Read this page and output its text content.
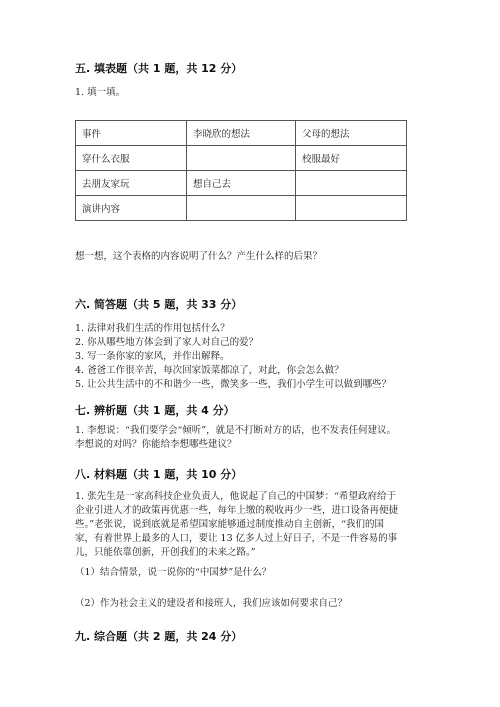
五. 填表题（共 1 题，共 12 分）
1. 填一填。
事件	李晓欣的想法	父母的想法
穿什么衣服		校服最好
去朋友家玩	想自己去	
演讲内容		
想一想，这个表格的内容说明了什么？产生什么样的后果？
六. 简答题（共 5 题，共 33 分）
1. 法律对我们生活的作用包括什么？
2. 你从哪些地方体会到了家人对自己的爱？
3. 写一条你家的家风，并作出解释。
4. 爸爸工作很辛苦，每次回家饭菜都凉了，对此，你会怎么做？
5. 让公共生活中的不和谐少一些，微笑多一些，我们小学生可以做到哪些？
七. 辨析题（共 1 题，共 4 分）
1. 李想说：“我们要学会“倾听”，就是不打断对方的话，也不发表任何建议。
李想说的对吗？你能给李想哪些建议？
八. 材料题（共 1 题，共 10 分）
1. 张先生是一家高科技企业负责人，他说起了自己的中国梦：“希望政府给于
企业引进人才的政策再优惠一些，每年上缴的税收再少一些，进口设备再便捷
些。”老张说，说到底就是希望国家能够通过制度推动自主创新，“我们的国
家，有着世界上最多的人口，要让 13 亿多人过上好日子，不是一件容易的事
儿，只能依靠创新，开创我们的未来之路。”
（1）结合情景，说一说你的“中国梦”是什么？
（2）作为社会主义的建设者和接班人，我们应该如何要求自己？
九. 综合题（共 2 题，共 24 分）
